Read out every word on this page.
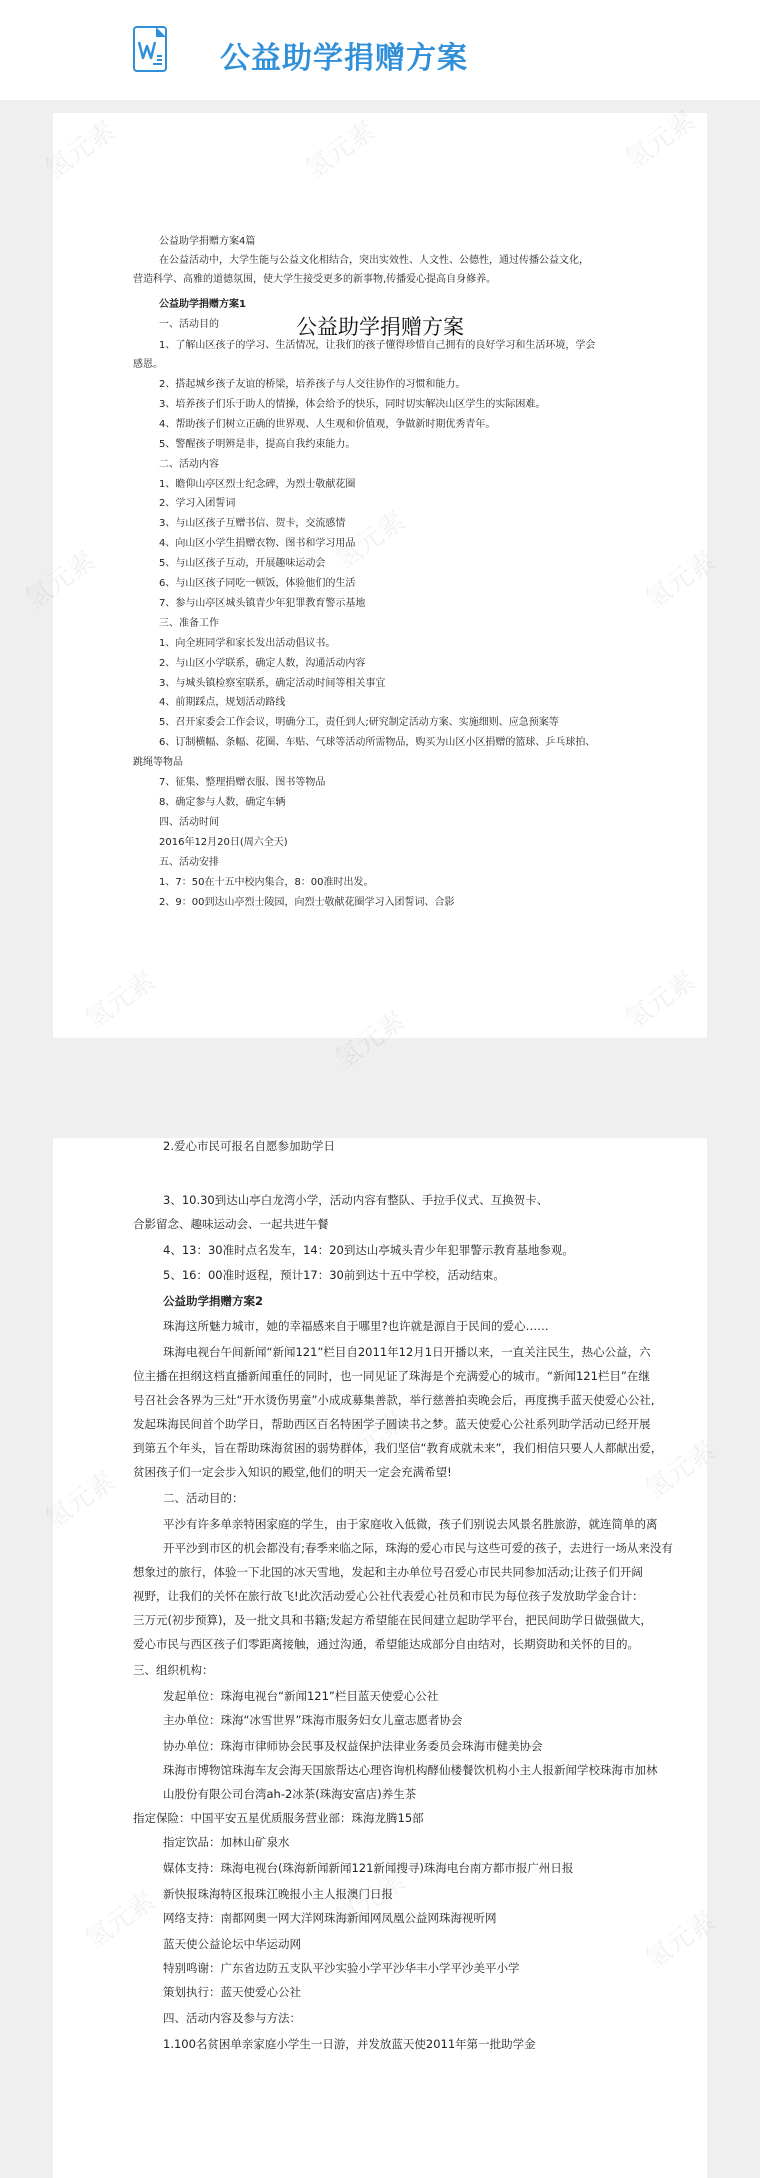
公益助学捐赠方案
公益助学捐赠方案
公益助学捐赠方案4篇
在公益活动中，大学生能与公益文化相结合，突出实效性、人文性、公德性，通过传播公益文化，
营造科学、高雅的道德氛围，使大学生接受更多的新事物,传播爱心提高自身修养。
公益助学捐赠方案1
一、活动目的
1、了解山区孩子的学习、生活情况，让我们的孩子懂得珍惜自己拥有的良好学习和生活环境，学会
感恩。
2、搭起城乡孩子友谊的桥梁，培养孩子与人交往协作的习惯和能力。
3、培养孩子们乐于助人的情操，体会给予的快乐，同时切实解决山区学生的实际困难。
4、帮助孩子们树立正确的世界观、人生观和价值观，争做新时期优秀青年。
5、警醒孩子明辨是非，提高自我约束能力。
二、活动内容
1、瞻仰山亭区烈士纪念碑，为烈士敬献花圈
2、学习入团誓词
3、与山区孩子互赠书信、贺卡，交流感情
4、向山区小学生捐赠衣物、图书和学习用品
5、与山区孩子互动，开展趣味运动会
6、与山区孩子同吃一顿饭，体验他们的生活
7、参与山亭区城头镇青少年犯罪教育警示基地
三、准备工作
1、向全班同学和家长发出活动倡议书。
2、与山区小学联系，确定人数，沟通活动内容
3、与城头镇检察室联系，确定活动时间等相关事宜
4、前期踩点，规划活动路线
5、召开家委会工作会议，明确分工，责任到人;研究制定活动方案、实施细则、应急预案等
6、订制横幅、条幅、花圈、车贴、气球等活动所需物品，购买为山区小区捐赠的篮球、乒乓球拍、
跳绳等物品
7、征集、整理捐赠衣服、图书等物品
8、确定参与人数，确定车辆
四、活动时间
2016年12月20日(周六全天)
五、活动安排
1、7：50在十五中校内集合，8：00准时出发。
2、9：00到达山亭烈士陵园，向烈士敬献花圈学习入团誓词、合影
3、10.30到达山亭白龙湾小学，活动内容有整队、手拉手仪式、互换贺卡、
合影留念、趣味运动会、一起共进午餐
4、13：30准时点名发车，14：20到达山亭城头青少年犯罪警示教育基地参观。
5、16：00准时返程，预计17：30前到达十五中学校，活动结束。
公益助学捐赠方案2
珠海这所魅力城市，她的幸福感来自于哪里?也许就是源自于民间的爱心……
珠海电视台午间新闻“新闻121”栏目自2011年12月1日开播以来，一直关注民生，热心公益，六
位主播在担纲这档直播新闻重任的同时，也一同见证了珠海是个充满爱心的城市。“新闻121栏目”在继
号召社会各界为三灶“开水烫伤男童”小成成募集善款，举行慈善拍卖晚会后，再度携手蓝天使爱心公社,
发起珠海民间首个助学日，帮助西区百名特困学子圆读书之梦。蓝天使爱心公社系列助学活动已经开展
到第五个年头，旨在帮助珠海贫困的弱势群体，我们坚信“教育成就未来”，我们相信只要人人都献出爱，
贫困孩子们一定会步入知识的殿堂,他们的明天一定会充满希望!
二、活动目的：
平沙有许多单亲特困家庭的学生，由于家庭收入低微，孩子们别说去风景名胜旅游，就连简单的离
开平沙到市区的机会都没有;春季来临之际，珠海的爱心市民与这些可爱的孩子，去进行一场从来没有
想象过的旅行，体验一下北国的冰天雪地，发起和主办单位号召爱心市民共同参加活动;让孩子们开阔
视野，让我们的关怀在旅行故飞!此次活动爱心公社代表爱心社员和市民为每位孩子发放助学金合计：
三万元(初步预算)，及一批文具和书籍;发起方希望能在民间建立起助学平台，把民间助学日做强做大，
爱心市民与西区孩子们零距离接触，通过沟通，希望能达成部分自由结对，长期资助和关怀的目的。
三、组织机构：
发起单位：珠海电视台“新闻121”栏目蓝天使爱心公社
主办单位：珠海“冰雪世界”珠海市服务妇女儿童志愿者协会
协办单位：珠海市律师协会民事及权益保护法律业务委员会珠海市健美协会
珠海市博物馆珠海车友会海天国旅帮达心理咨询机构酵仙楼餐饮机构小主人报新闻学校珠海市加林
山股份有限公司台湾ah-2冰茶(珠海安富店)养生茶
指定保险：中国平安五星优质服务营业部：珠海龙腾15部
指定饮品：加林山矿泉水
媒体支持：珠海电视台(珠海新闻新闻121新闻搜寻)珠海电台南方都市报广州日报
新快报珠海特区报珠江晚报小主人报澳门日报
网络支持：南都网奥一网大洋网珠海新闻网凤凰公益网珠海视听网
蓝天使公益论坛中华运动网
特别鸣谢：广东省边防五支队平沙实验小学平沙华丰小学平沙美平小学
策划执行：蓝天使爱心公社
四、活动内容及参与方法：
1.100名贫困单亲家庭小学生一日游，并发放蓝天使2011年第一批助学金
2.爱心市民可报名自愿参加助学日
氢元素
